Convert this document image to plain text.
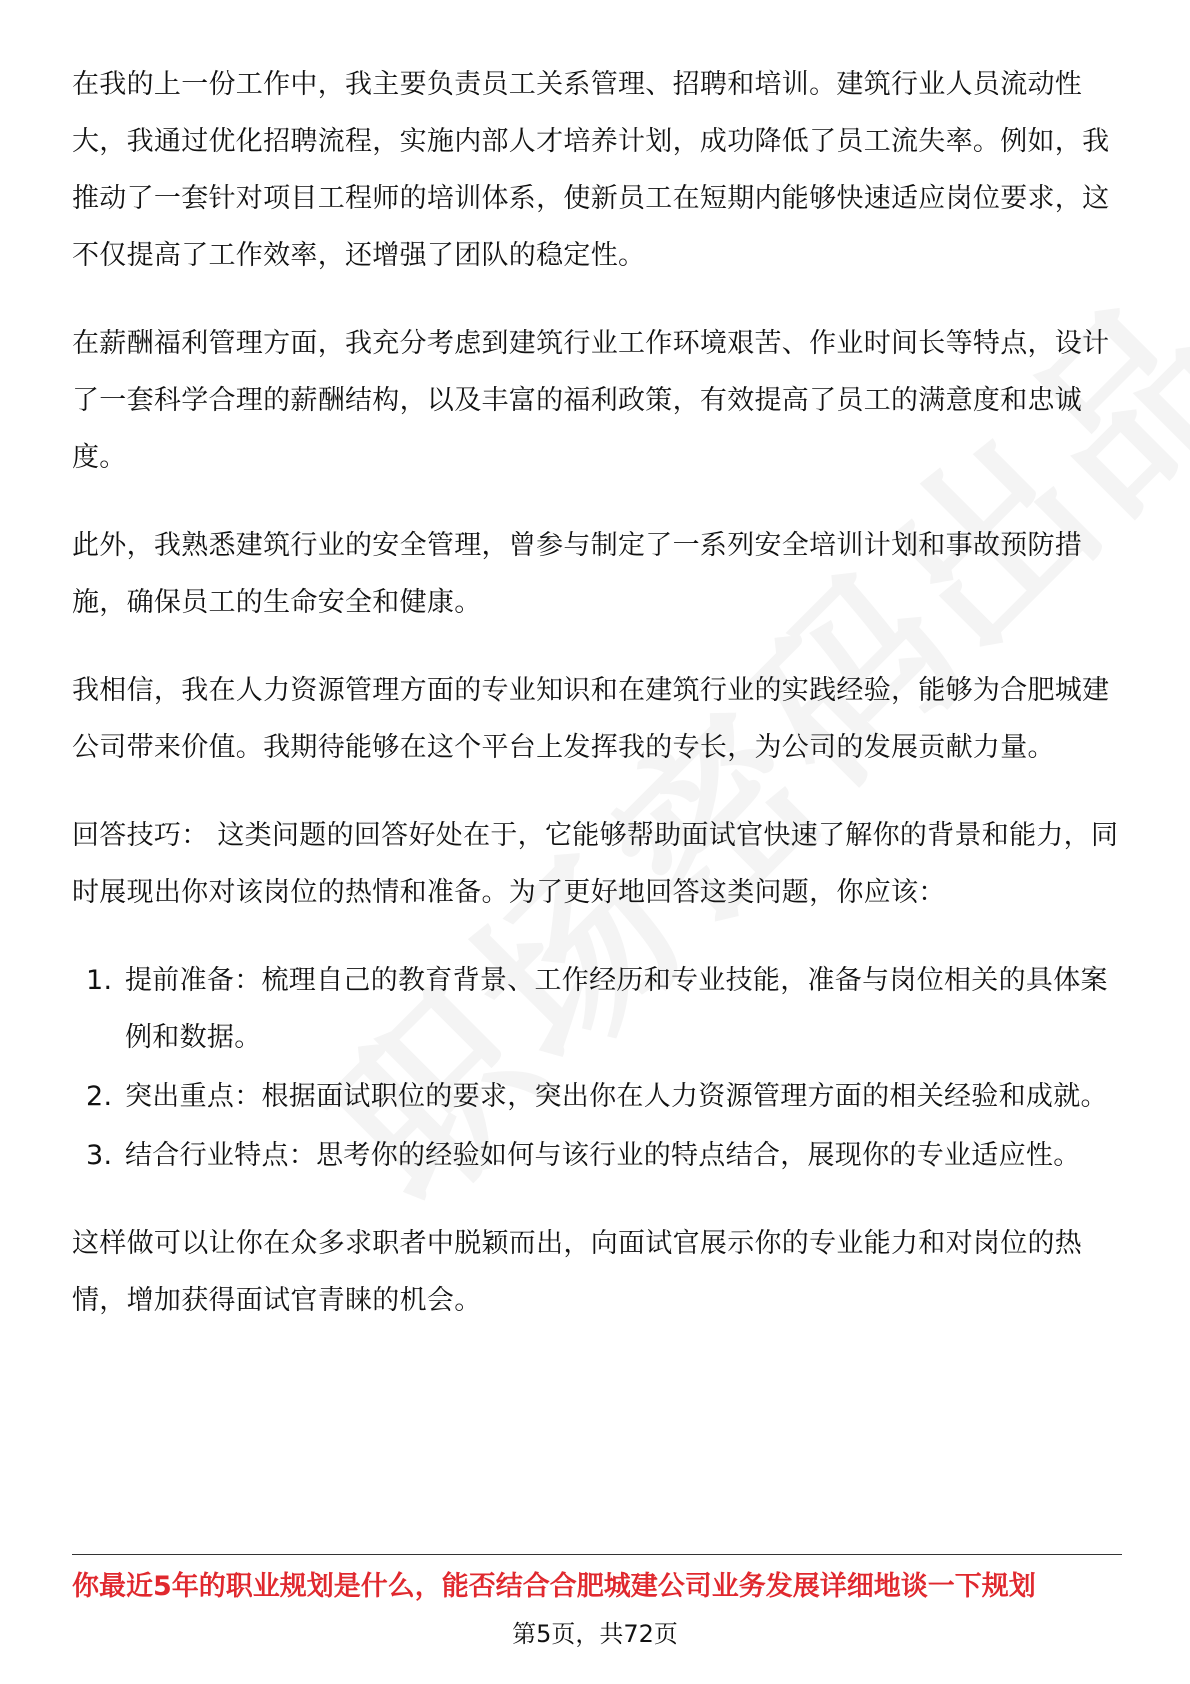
在我的上一份工作中，我主要负责员工关系管理、招聘和培训。建筑行业人员流动性大，我通过优化招聘流程，实施内部人才培养计划，成功降低了员工流失率。例如，我推动了一套针对项目工程师的培训体系，使新员工在短期内能够快速适应岗位要求，这不仅提高了工作效率，还增强了团队的稳定性。

在薪酬福利管理方面，我充分考虑到建筑行业工作环境艰苦、作业时间长等特点，设计了一套科学合理的薪酬结构，以及丰富的福利政策，有效提高了员工的满意度和忠诚度。

此外，我熟悉建筑行业的安全管理，曾参与制定了一系列安全培训计划和事故预防措施，确保员工的生命安全和健康。

我相信，我在人力资源管理方面的专业知识和在建筑行业的实践经验，能够为合肥城建公司带来价值。我期待能够在这个平台上发挥我的专长，为公司的发展贡献力量。

回答技巧： 这类问题的回答好处在于，它能够帮助面试官快速了解你的背景和能力，同时展现出你对该岗位的热情和准备。为了更好地回答这类问题，你应该：

1. 提前准备：梳理自己的教育背景、工作经历和专业技能，准备与岗位相关的具体案例和数据。
2. 突出重点：根据面试职位的要求，突出你在人力资源管理方面的相关经验和成就。
3. 结合行业特点：思考你的经验如何与该行业的特点结合，展现你的专业适应性。

这样做可以让你在众多求职者中脱颖而出，向面试官展示你的专业能力和对岗位的热情，增加获得面试官青睐的机会。

你最近5年的职业规划是什么，能否结合合肥城建公司业务发展详细地谈一下规划
第5页，共72页
